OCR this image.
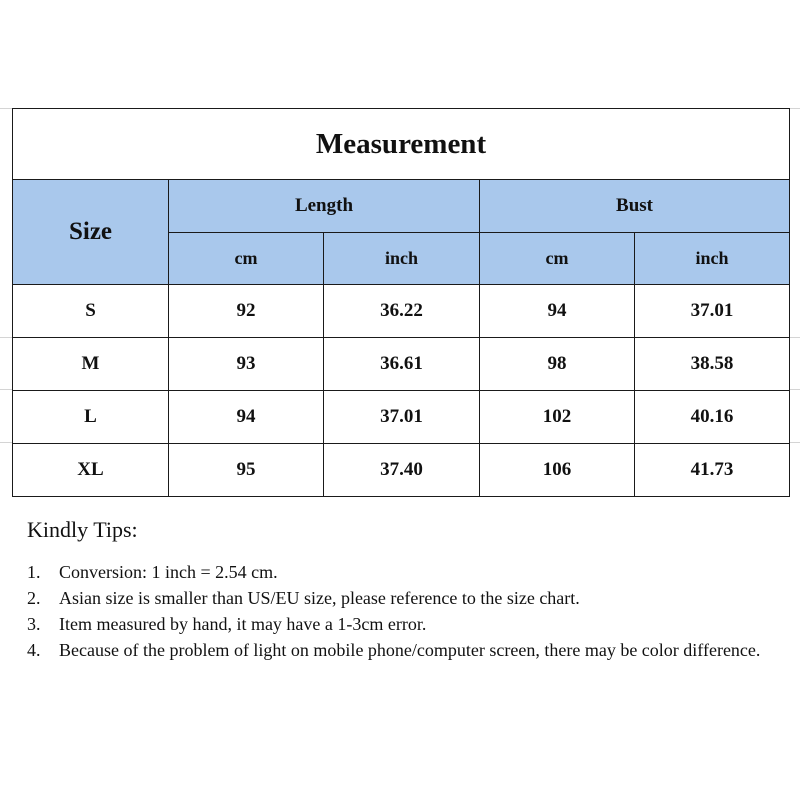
Measurement				
Size	Length		Bust	
	cm	inch	cm	inch
S	92	36.22	94	37.01
M	93	36.61	98	38.58
L	94	37.01	102	40.16
XL	95	37.40	106	41.73
Kindly Tips:
1.	Conversion: 1 inch = 2.54 cm.
2.	Asian size is smaller than US/EU size, please reference to the size chart.
3.	Item measured by hand, it may have a 1-3cm error.
4.	Because of the problem of light on mobile phone/computer screen, there may be color difference.
